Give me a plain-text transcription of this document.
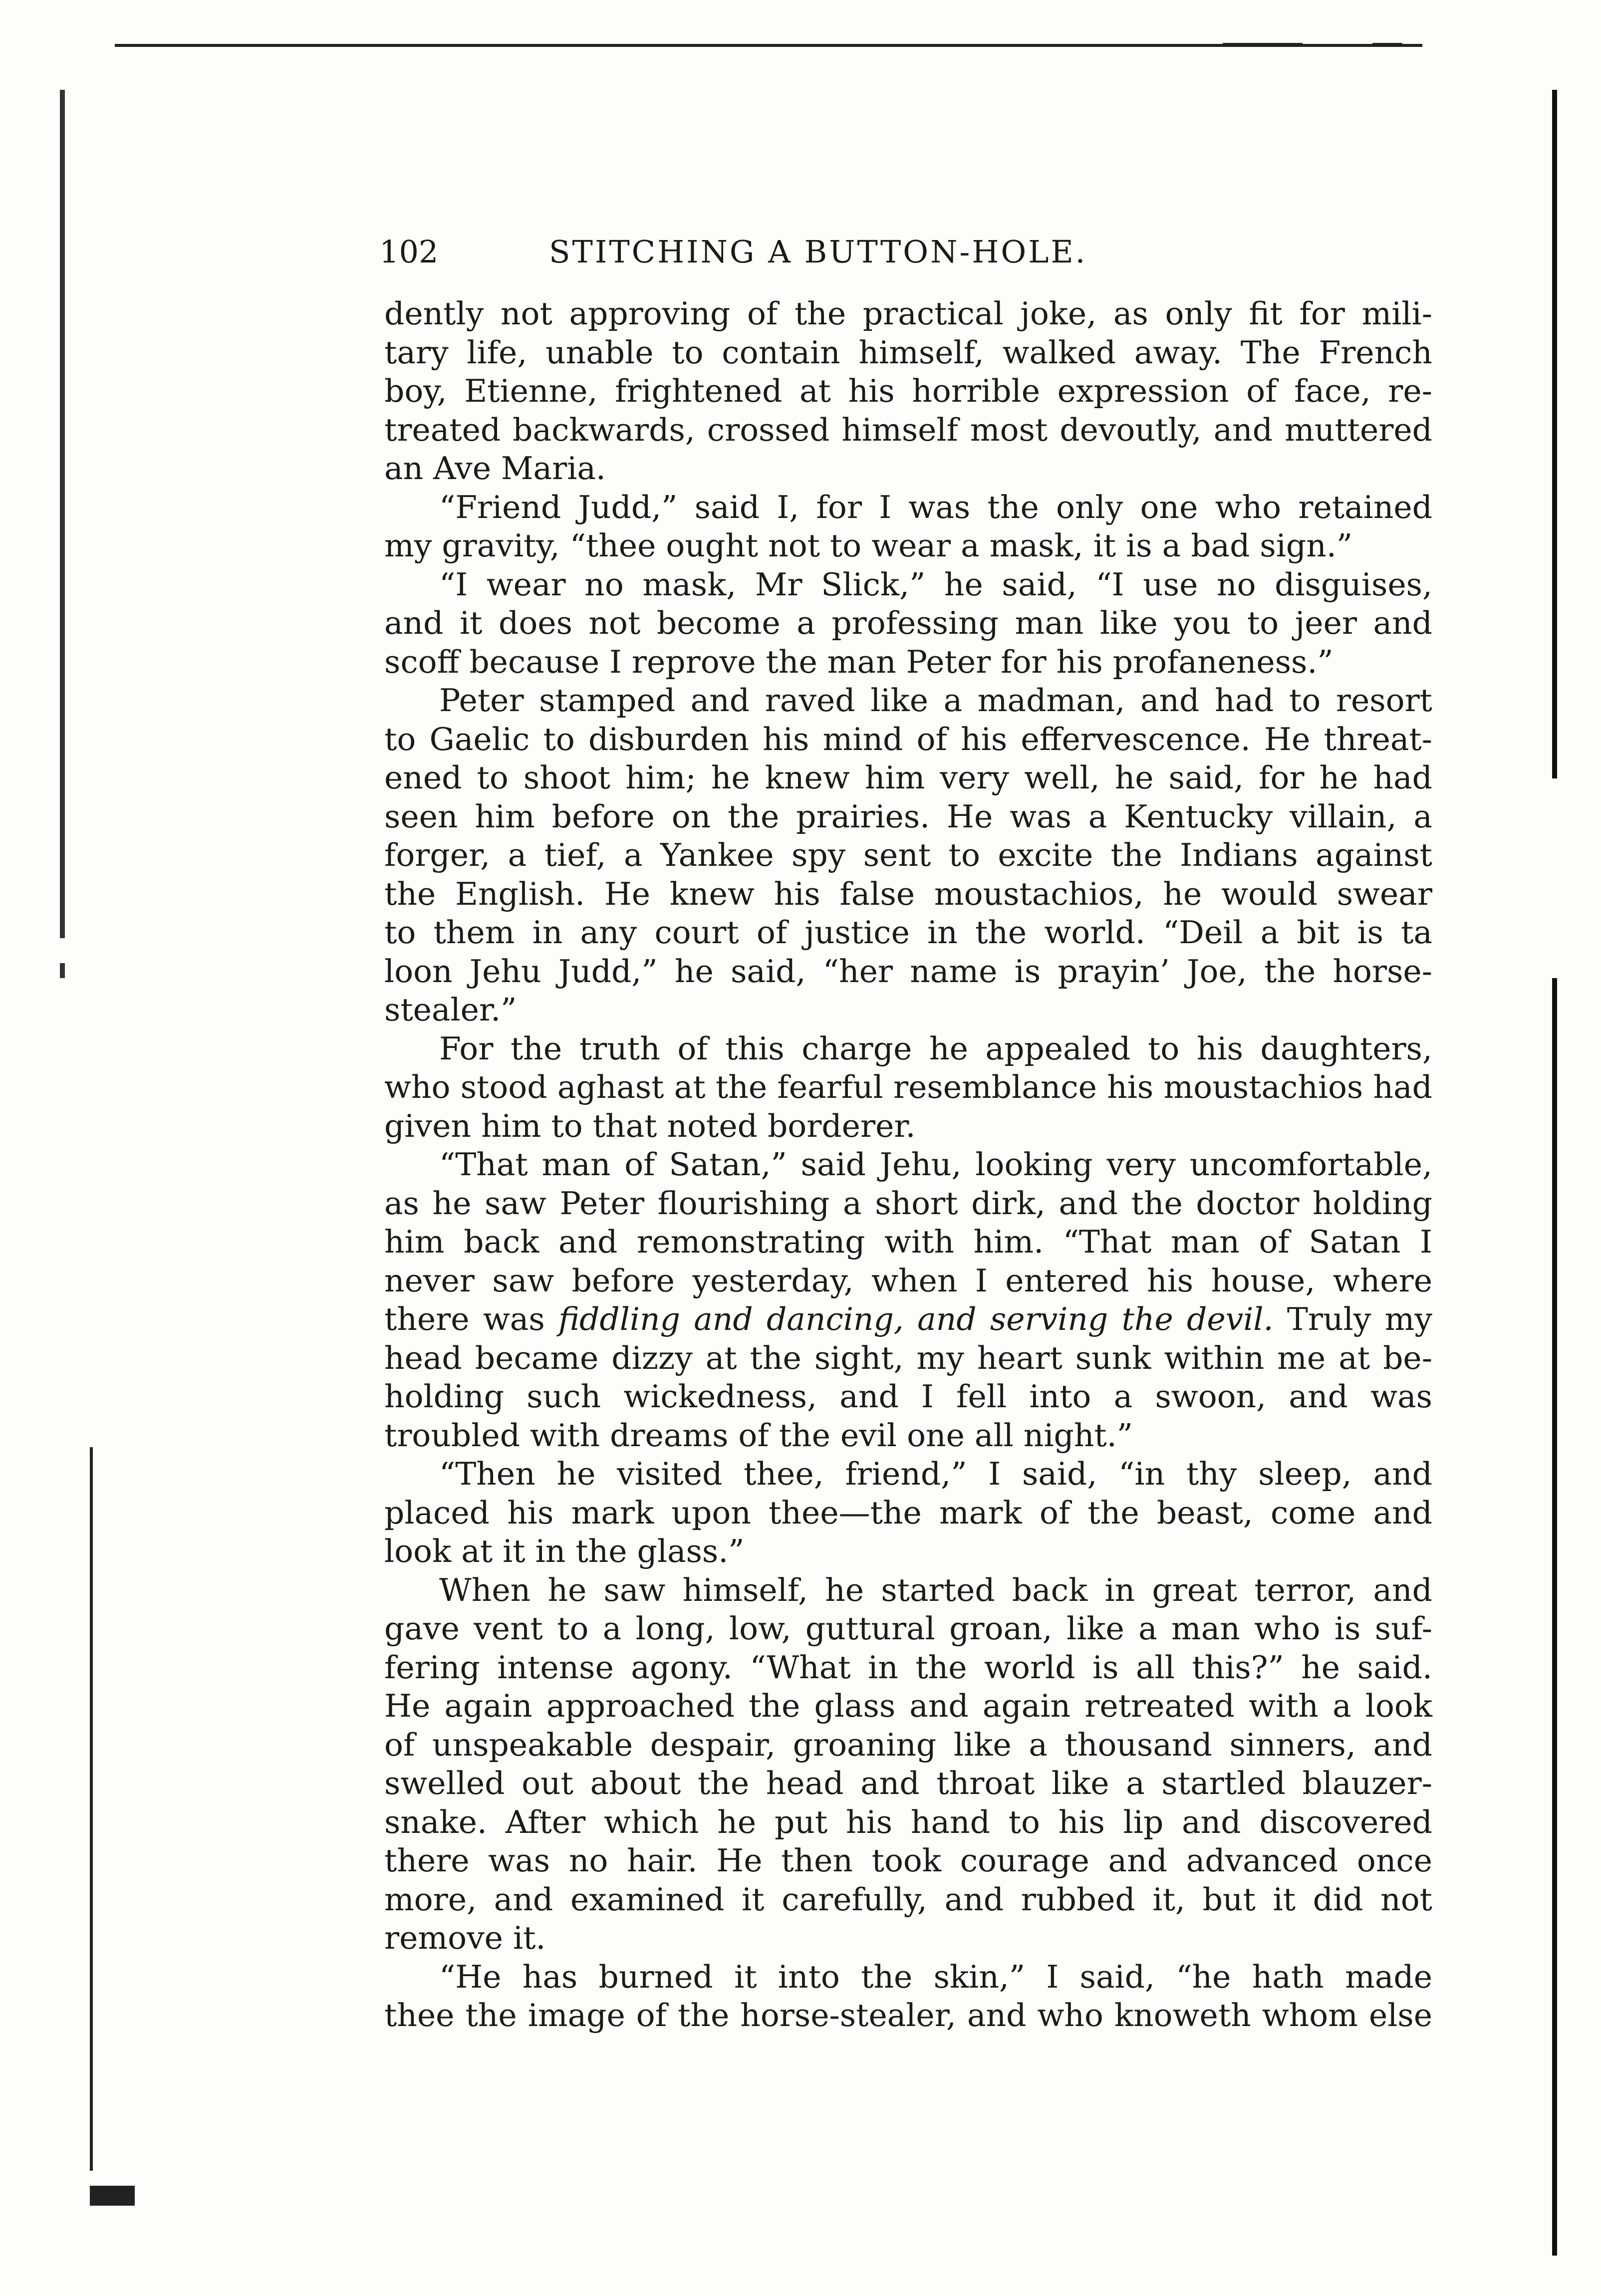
102	STITCHING A BUTTON-HOLE.
dently not approving of the practical joke, as only fit for mili-
tary life, unable to contain himself, walked away. The French
boy, Etienne, frightened at his horrible expression of face, re-
treated backwards, crossed himself most devoutly, and muttered
an Ave Maria.
“Friend Judd,” said I, for I was the only one who retained
my gravity, “thee ought not to wear a mask, it is a bad sign.”
“I wear no mask, Mr Slick,” he said, “I use no disguises,
and it does not become a professing man like you to jeer and
scoff because I reprove the man Peter for his profaneness.”
Peter stamped and raved like a madman, and had to resort
to Gaelic to disburden his mind of his effervescence. He threat-
ened to shoot him; he knew him very well, he said, for he had
seen him before on the prairies. He was a Kentucky villain, a
forger, a tief, a Yankee spy sent to excite the Indians against
the English. He knew his false moustachios, he would swear
to them in any court of justice in the world. “Deil a bit is ta
loon Jehu Judd,” he said, “her name is prayin’ Joe, the horse-
stealer.”
For the truth of this charge he appealed to his daughters,
who stood aghast at the fearful resemblance his moustachios had
given him to that noted borderer.
“That man of Satan,” said Jehu, looking very uncomfortable,
as he saw Peter flourishing a short dirk, and the doctor holding
him back and remonstrating with him. “That man of Satan I
never saw before yesterday, when I entered his house, where
there was fiddling and dancing, and serving the devil. Truly my
head became dizzy at the sight, my heart sunk within me at be-
holding such wickedness, and I fell into a swoon, and was
troubled with dreams of the evil one all night.”
“Then he visited thee, friend,” I said, “in thy sleep, and
placed his mark upon thee—the mark of the beast, come and
look at it in the glass.”
When he saw himself, he started back in great terror, and
gave vent to a long, low, guttural groan, like a man who is suf-
fering intense agony. “What in the world is all this?” he said.
He again approached the glass and again retreated with a look
of unspeakable despair, groaning like a thousand sinners, and
swelled out about the head and throat like a startled blauzer-
snake. After which he put his hand to his lip and discovered
there was no hair. He then took courage and advanced once
more, and examined it carefully, and rubbed it, but it did not
remove it.
“He has burned it into the skin,” I said, “he hath made
thee the image of the horse-stealer, and who knoweth whom else
